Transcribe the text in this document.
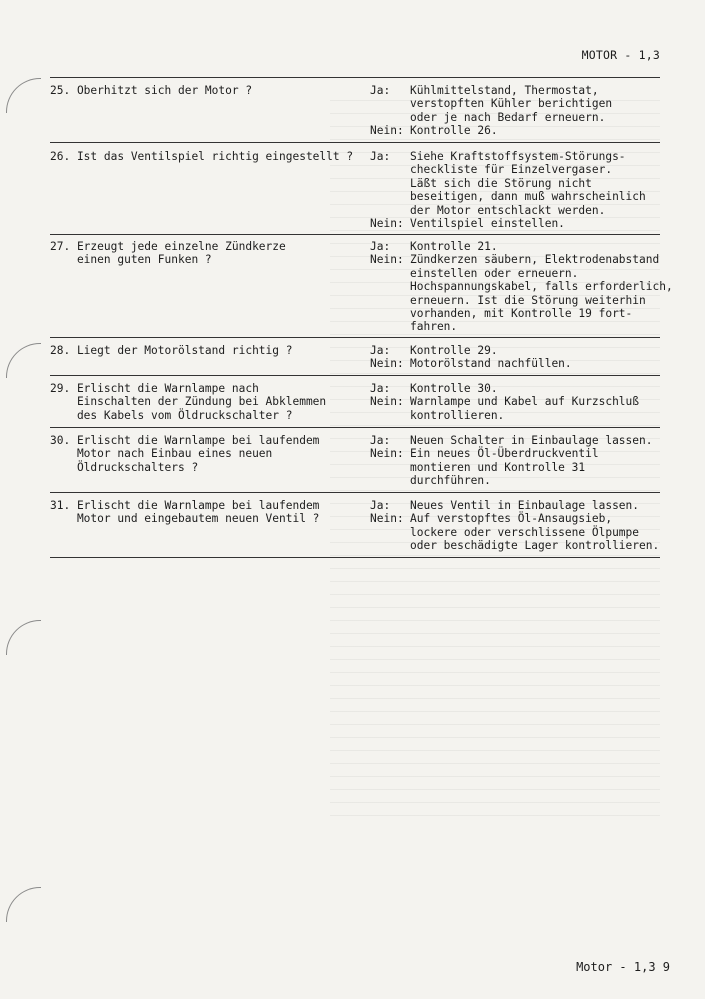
MOTOR - 1,3
25. Oberhitzt sich der Motor ?	Ja:	Kühlmittelstand, Thermostat,
verstopften Kühler berichtigen
oder je nach Bedarf erneuern.
Nein: Kontrolle 26.
26. Ist das Ventilspiel richtig eingestellt ? Ja:	Siehe Kraftstoffsystem-Störungs-
checkliste für Einzelvergaser.
Läßt sich die Störung nicht
beseitigen, dann muß wahrscheinlich
der Motor entschlackt werden.
Nein: Ventilspiel einstellen.
27. Erzeugt jede einzelne Zündkerze
einen guten Funken ?
Ja:	Kontrolle 21.
Nein: Zündkerzen säubern, Elektrodenabstand
einstellen oder erneuern.
Hochspannungskabel, falls erforderlich,
erneuern. Ist die Störung weiterhin
vorhanden, mit Kontrolle 19 fort-
fahren.
28. Liegt der Motorölstand richtig ?	Ja:	Kontrolle 29.
Nein: Motorölstand nachfüllen.
29. Erlischt die Warnlampe nach
Einschalten der Zündung bei Abklemmen
des Kabels vom Öldruckschalter ?
Ja:	Kontrolle 30.
Nein: Warnlampe und Kabel auf Kurzschluß
kontrollieren.
30. Erlischt die Warnlampe bei laufendem
Motor nach Einbau eines neuen
Öldruckschalters ?
Ja:	Neuen Schalter in Einbaulage lassen.
Nein: Ein neues Öl-Überdruckventil
montieren und Kontrolle 31
durchführen.
31. Erlischt die Warnlampe bei laufendem
Motor und eingebautem neuen Ventil ?
Ja:	Neues Ventil in Einbaulage lassen.
Nein: Auf verstopftes Öl-Ansaugsieb,
lockere oder verschlissene Ölpumpe
oder beschädigte Lager kontrollieren.
Motor - 1,3 9
